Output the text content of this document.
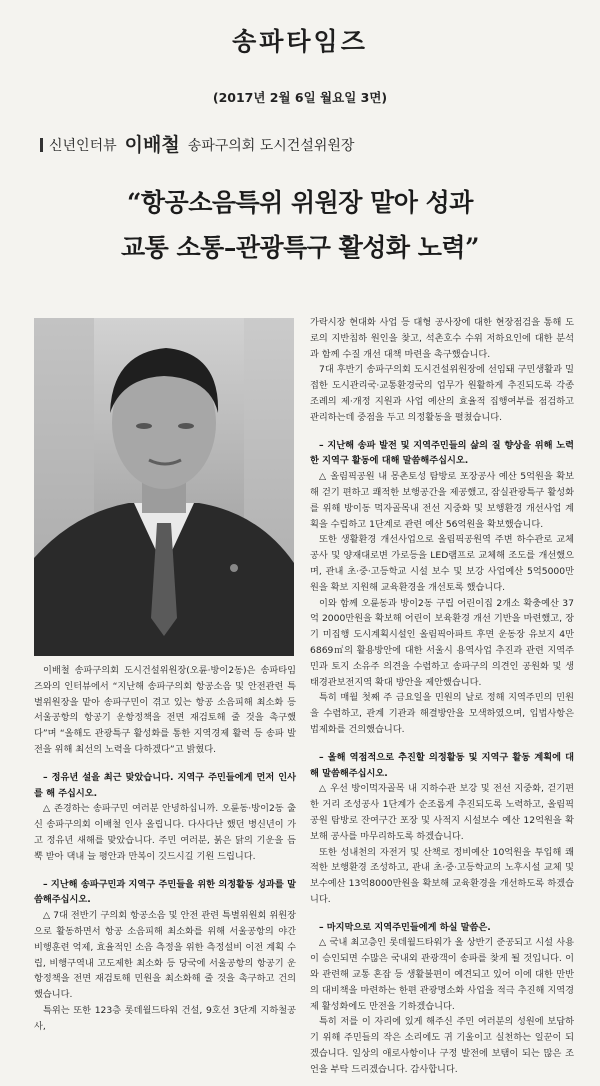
송파타임즈
(2017년 2월 6일 월요일 3면)
신년인터뷰 이배철 송파구의회 도시건설위원장
“항공소음특위 위원장 맡아 성과
교통 소통–관광특구 활성화 노력”

이배철 송파구의회 도시건설위원장(오륜·방이2동)은 송파타임즈와의 인터뷰에서 “지난해 송파구의회 항공소음 및 안전관련 특별위원장을 맡아 송파구민이 겪고 있는 항공 소음피해 최소화 등 서울공항의 항공기 운항정책을 전면 재검토해 줄 것을 촉구했다”며 “올해도 관광특구 활성화를 통한 지역경제 활력 등 송파 발전을 위해 최선의 노력을 다하겠다”고 밝혔다.

– 정유년 설을 최근 맞았습니다. 지역구 주민들에게 먼저 인사를 해 주십시오.

△ 존경하는 송파구민 여러분 안녕하십니까. 오륜동·방이2동 출신 송파구의회 이배철 인사 올립니다. 다사다난 했던 병신년이 가고 정유년 새해를 맞았습니다. 주민 여러분, 붉은 닭의 기운을 듬뿍 받아 댁내 늘 평안과 만복이 깃드시길 기원 드립니다.

– 지난해 송파구민과 지역구 주민들을 위한 의정활동 성과를 말씀해주십시오.

△ 7대 전반기 구의회 항공소음 및 안전 관련 특별위원회 위원장으로 활동하면서 항공 소음피해 최소화를 위해 서울공항의 야간 비행훈련 억제, 효율적인 소음 측정을 위한 측정설비 이전 계획 수립, 비행구역내 고도제한 최소화 등 당국에 서울공항의 항공기 운항정책을 전면 재검토해 민원을 최소화해 줄 것을 촉구하고 건의했습니다.

특위는 또한 123층 롯데월드타워 건설, 9호선 3단계 지하철공사,

가락시장 현대화 사업 등 대형 공사장에 대한 현장점검을 통해 도로의 지반침하 원인을 찾고, 석촌호수 수위 저하요인에 대한 분석과 함께 수질 개선 대책 마련을 촉구했습니다.

7대 후반기 송파구의회 도시건설위원장에 선임돼 구민생활과 밀접한 도시관리국·교통환경국의 업무가 원활하게 추진되도록 각종 조례의 제·개정 지원과 사업 예산의 효율적 집행여부를 점검하고 관리하는데 중점을 두고 의정활동을 펼쳤습니다.

– 지난해 송파 발전 및 지역주민들의 삶의 질 향상을 위해 노력한 지역구 활동에 대해 말씀해주십시오.

△ 올림픽공원 내 몽촌토성 탐방로 포장공사 예산 5억원을 확보해 걷기 편하고 쾌적한 보행공간을 제공했고, 잠실관광특구 활성화를 위해 방이동 먹자골목내 전선 지중화 및 보행환경 개선사업 계획을 수립하고 1단계로 관련 예산 56억원을 확보했습니다.

또한 생활환경 개선사업으로 올림픽공원역 주변 하수관로 교체공사 및 양재대로변 가로등을 LED램프로 교체해 조도를 개선했으며, 관내 초·중·고등학교 시설 보수 및 보강 사업예산 5억5000만원을 확보 지원해 교육환경을 개선토록 했습니다.

이와 함께 오륜동과 방이2동 구립 어린이집 2개소 확충예산 37억 2000만원을 확보해 어린이 보육환경 개선 기반을 마련했고, 장기 미집행 도시계획시설인 올림픽아파트 후면 운동장 유보지 4만6869㎡의 활용방안에 대한 서울시 용역사업 추진과 관련 지역주민과 토지 소유주 의견을 수렴하고 송파구의 의견인 공원화 및 생태경관보전지역 확대 방안을 제안했습니다.

특히 매월 첫째 주 금요일을 민원의 날로 정해 지역주민의 민원을 수렴하고, 관계 기관과 해결방안을 모색하였으며, 입법사항은 법제화를 건의했습니다.

– 올해 역점적으로 추진할 의정활동 및 지역구 활동 계획에 대해 말씀해주십시오.

△ 우선 방이먹자골목 내 지하수관 보강 및 전선 지중화, 걷기편한 거리 조성공사 1단계가 순조롭게 추진되도록 노력하고, 올림픽공원 탐방로 잔여구간 포장 및 사적지 시설보수 예산 12억원을 확보해 공사를 마무리하도록 하겠습니다.

또한 성내천의 자전거 및 산책로 정비예산 10억원을 투입해 쾌적한 보행환경 조성하고, 관내 초·중·고등학교의 노후시설 교체 및 보수예산 13억8000만원을 확보해 교육환경을 개선하도록 하겠습니다.

– 마지막으로 지역주민들에게 하실 말씀은.

△ 국내 최고층인 롯데월드타워가 올 상반기 준공되고 시설 사용이 승인되면 수많은 국내외 관광객이 송파를 찾게 될 것입니다. 이와 관련해 교통 혼잡 등 생활불편이 예견되고 있어 이에 대한 만반의 대비책을 마련하는 한편 관광명소화 사업을 적극 추진해 지역경제 활성화에도 만전을 기하겠습니다.

특히 저를 이 자리에 있게 해주신 주민 여러분의 성원에 보답하기 위해 주민들의 작은 소리에도 귀 기울이고 실천하는 일꾼이 되겠습니다. 일상의 애로사항이나 구정 발전에 보탬이 되는 많은 조언을 부탁 드리겠습니다. 감사합니다.
